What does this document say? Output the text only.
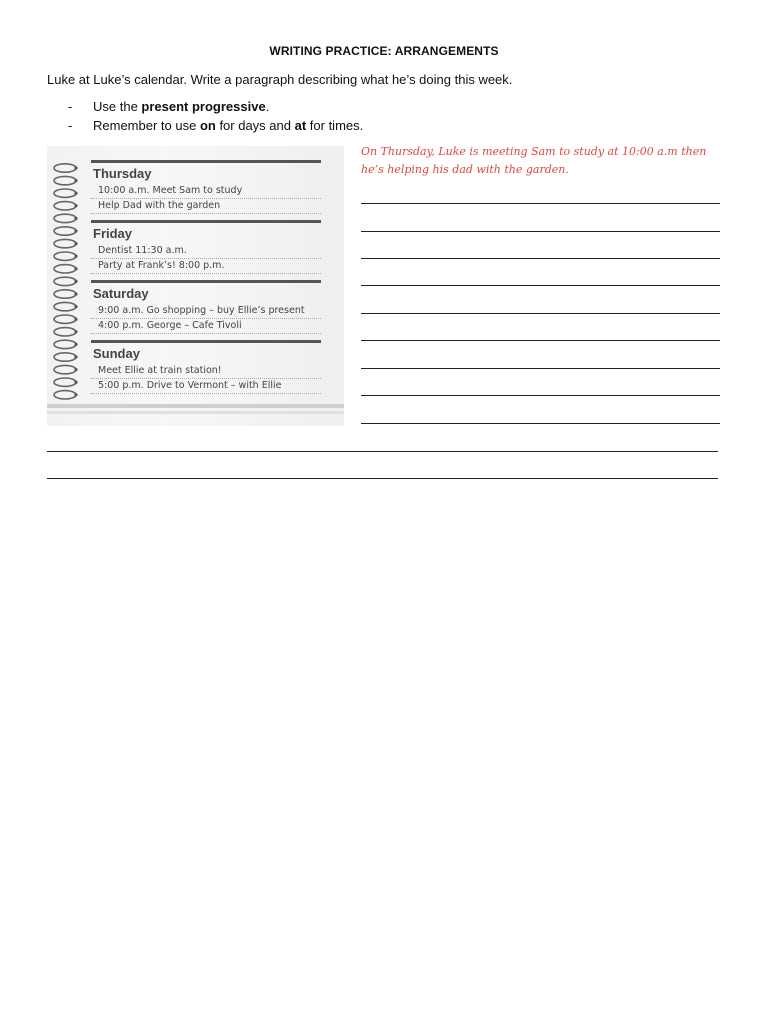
WRITING PRACTICE: ARRANGEMENTS
Luke at Luke’s calendar. Write a paragraph describing what he’s doing this week.
- Use the present progressive.
- Remember to use on for days and at for times.
Thursday
10:00 a.m. Meet Sam to study
Help Dad with the garden
Friday
Dentist 11:30 a.m.
Party at Frank’s! 8:00 p.m.
Saturday
9:00 a.m. Go shopping – buy Ellie’s present
4:00 p.m. George – Cafe Tivoli
Sunday
Meet Ellie at train station!
5:00 p.m. Drive to Vermont – with Ellie
On Thursday, Luke is meeting Sam to study at 10:00 a.m then he’s helping his dad with the garden.
